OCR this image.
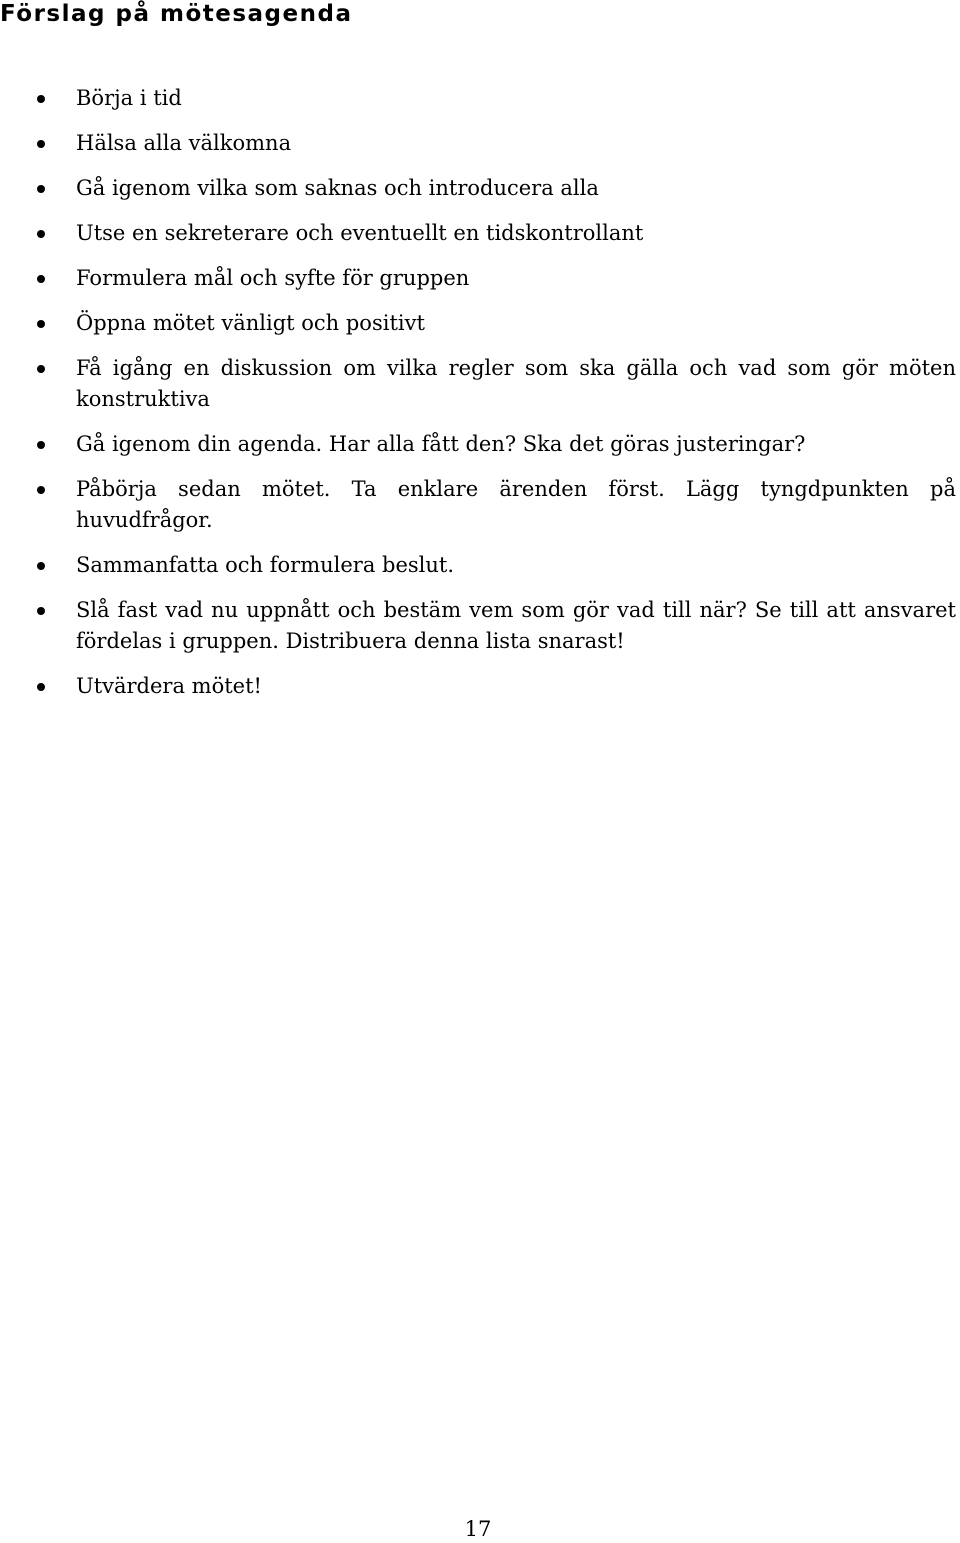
Förslag på mötesagenda
Börja i tid
Hälsa alla välkomna
Gå igenom vilka som saknas och introducera alla
Utse en sekreterare och eventuellt en tidskontrollant
Formulera mål och syfte för gruppen
Öppna mötet vänligt och positivt
Få igång en diskussion om vilka regler som ska gälla och vad som gör möten konstruktiva
Gå igenom din agenda. Har alla fått den? Ska det göras justeringar?
Påbörja sedan mötet. Ta enklare ärenden först. Lägg tyngdpunkten på huvudfrågor.
Sammanfatta och formulera beslut.
Slå fast vad nu uppnått och bestäm vem som gör vad till när? Se till att ansvaret fördelas i gruppen. Distribuera denna lista snarast!
Utvärdera mötet!
17
